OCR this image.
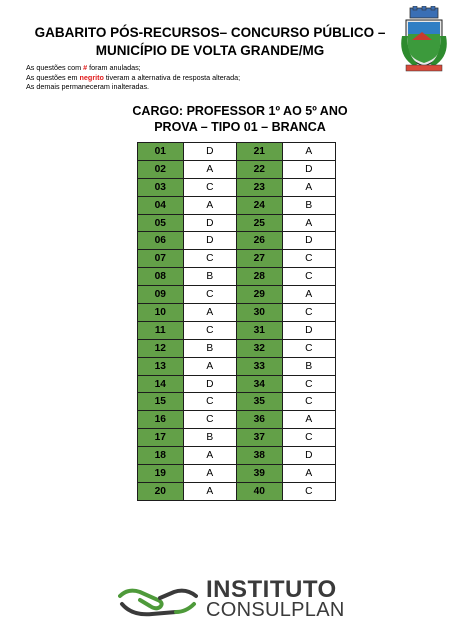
GABARITO PÓS-RECURSOS– CONCURSO PÚBLICO –
MUNICÍPIO DE VOLTA GRANDE/MG
As questões com # foram anuladas;
As questões em negrito tiveram a alternativa de resposta alterada;
As demais permaneceram inalteradas.
CARGO: PROFESSOR 1º AO 5º ANO
PROVA – TIPO 01 – BRANCA
01	D	21	A
02	A	22	D
03	C	23	A
04	A	24	B
05	D	25	A
06	D	26	D
07	C	27	C
08	B	28	C
09	C	29	A
10	A	30	C
11	C	31	D
12	B	32	C
13	A	33	B
14	D	34	C
15	C	35	C
16	C	36	A
17	B	37	C
18	A	38	D
19	A	39	A
20	A	40	C
INSTITUTO
CONSULPLAN
